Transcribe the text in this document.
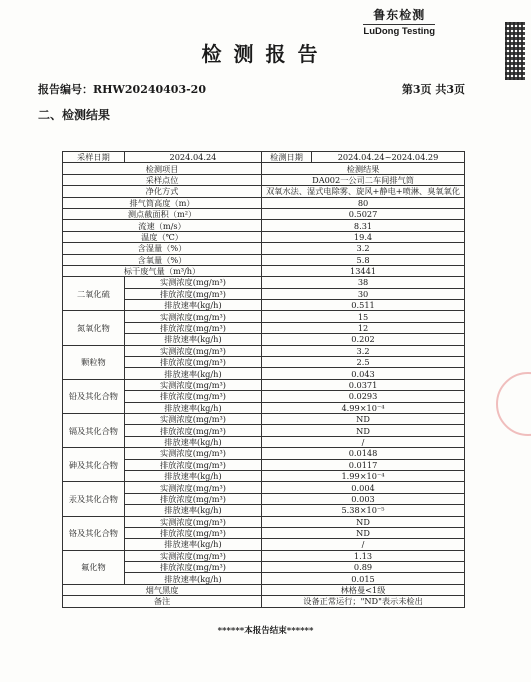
鲁东检测
LuDong Testing
检测报告
报告编号：RHW20240403-20	第3页 共3页
二、检测结果
采样日期	2024.04.24	检测日期	2024.04.24~2024.04.29
检测项目		检测结果	
采样点位		DA002一公司二车间排气筒	
净化方式		双氧水法、湿式电除雾、旋风+静电+喷淋、臭氧氧化	
排气筒高度（m）		80	
测点截面积（m²）		0.5027	
流速（m/s）		8.31	
温度（℃）		19.4	
含湿量（%）		3.2	
含氧量（%）		5.8	
标干废气量（m³/h）		13441	
二氧化硫	实测浓度(mg/m³)	38	
	排放浓度(mg/m³)	30	
	排放速率(kg/h)	0.511	
氮氧化物	实测浓度(mg/m³)	15	
	排放浓度(mg/m³)	12	
	排放速率(kg/h)	0.202	
颗粒物	实测浓度(mg/m³)	3.2	
	排放浓度(mg/m³)	2.5	
	排放速率(kg/h)	0.043	
铅及其化合物	实测浓度(mg/m³)	0.0371	
	排放浓度(mg/m³)	0.0293	
	排放速率(kg/h)	4.99×10⁻⁴	
镉及其化合物	实测浓度(mg/m³)	ND	
	排放浓度(mg/m³)	ND	
	排放速率(kg/h)	/	
砷及其化合物	实测浓度(mg/m³)	0.0148	
	排放浓度(mg/m³)	0.0117	
	排放速率(kg/h)	1.99×10⁻⁴	
汞及其化合物	实测浓度(mg/m³)	0.004	
	排放浓度(mg/m³)	0.003	
	排放速率(kg/h)	5.38×10⁻⁵	
铬及其化合物	实测浓度(mg/m³)	ND	
	排放浓度(mg/m³)	ND	
	排放速率(kg/h)	/	
氟化物	实测浓度(mg/m³)	1.13	
	排放浓度(mg/m³)	0.89	
	排放速率(kg/h)	0.015	
烟气黑度		林格曼<1级	
备注		设备正常运行；"ND"表示未检出	
******本报告结束******
